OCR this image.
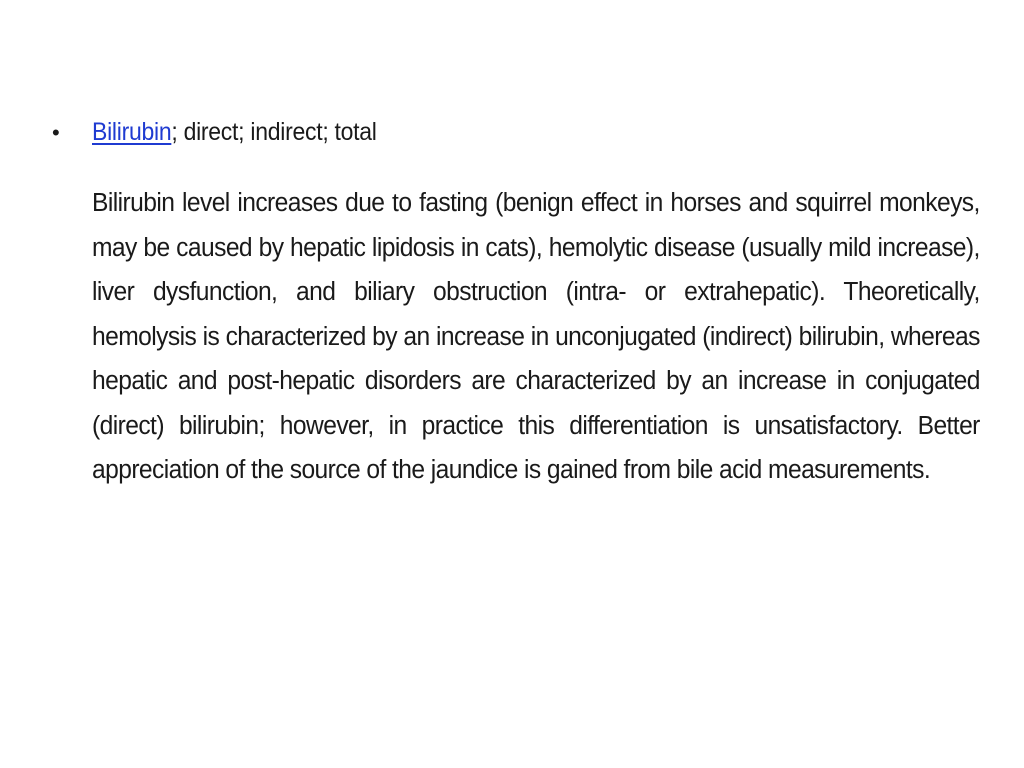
•	Bilirubin; direct; indirect; total

Bilirubin level increases due to fasting (benign effect in horses and squirrel monkeys, may be caused by hepatic lipidosis in cats), hemolytic disease (usually mild increase), liver dysfunction, and biliary obstruction (intra- or extrahepatic). Theoretically, hemolysis is characterized by an increase in unconjugated (indirect) bilirubin, whereas hepatic and post-hepatic disorders are characterized by an increase in conjugated (direct) bilirubin; however, in practice this differentiation is unsatisfactory. Better appreciation of the source of the jaundice is gained from bile acid measurements.
